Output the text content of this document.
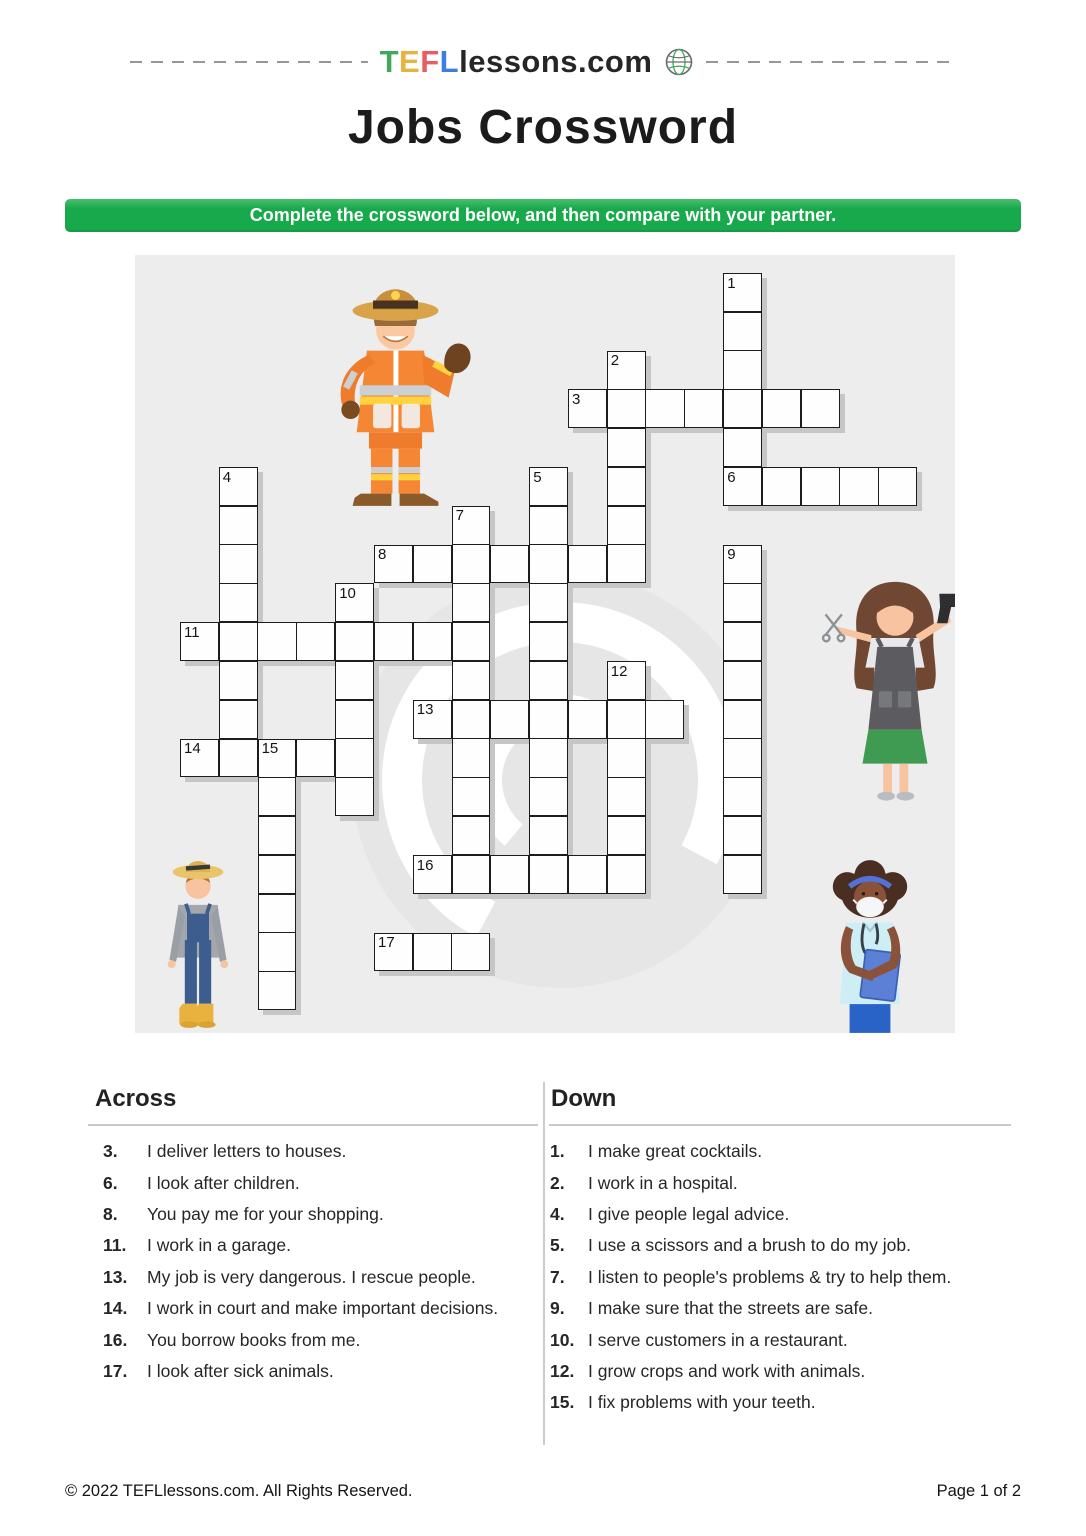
TEFLlessons.com
Jobs Crossword
Complete the crossword below, and then compare with your partner.
3
6
8
11
13
14
16
17
1
2
4	5
7
9
10
12
15
Across	Down
3.	I deliver letters to houses.
6.	I look after children.
8.	You pay me for your shopping.
11.	I work in a garage.
13.	My job is very dangerous. I rescue people.
14.	I work in court and make important decisions.
16.	You borrow books from me.
17.	I look after sick animals.
1.	I make great cocktails.
2.	I work in a hospital.
4.	I give people legal advice.
5.	I use a scissors and a brush to do my job.
7.	I listen to people's problems & try to help them.
9.	I make sure that the streets are safe.
10. I serve customers in a restaurant.
12. I grow crops and work with animals.
15. I fix problems with your teeth.
© 2022 TEFLlessons.com. All Rights Reserved.	Page 1 of 2
